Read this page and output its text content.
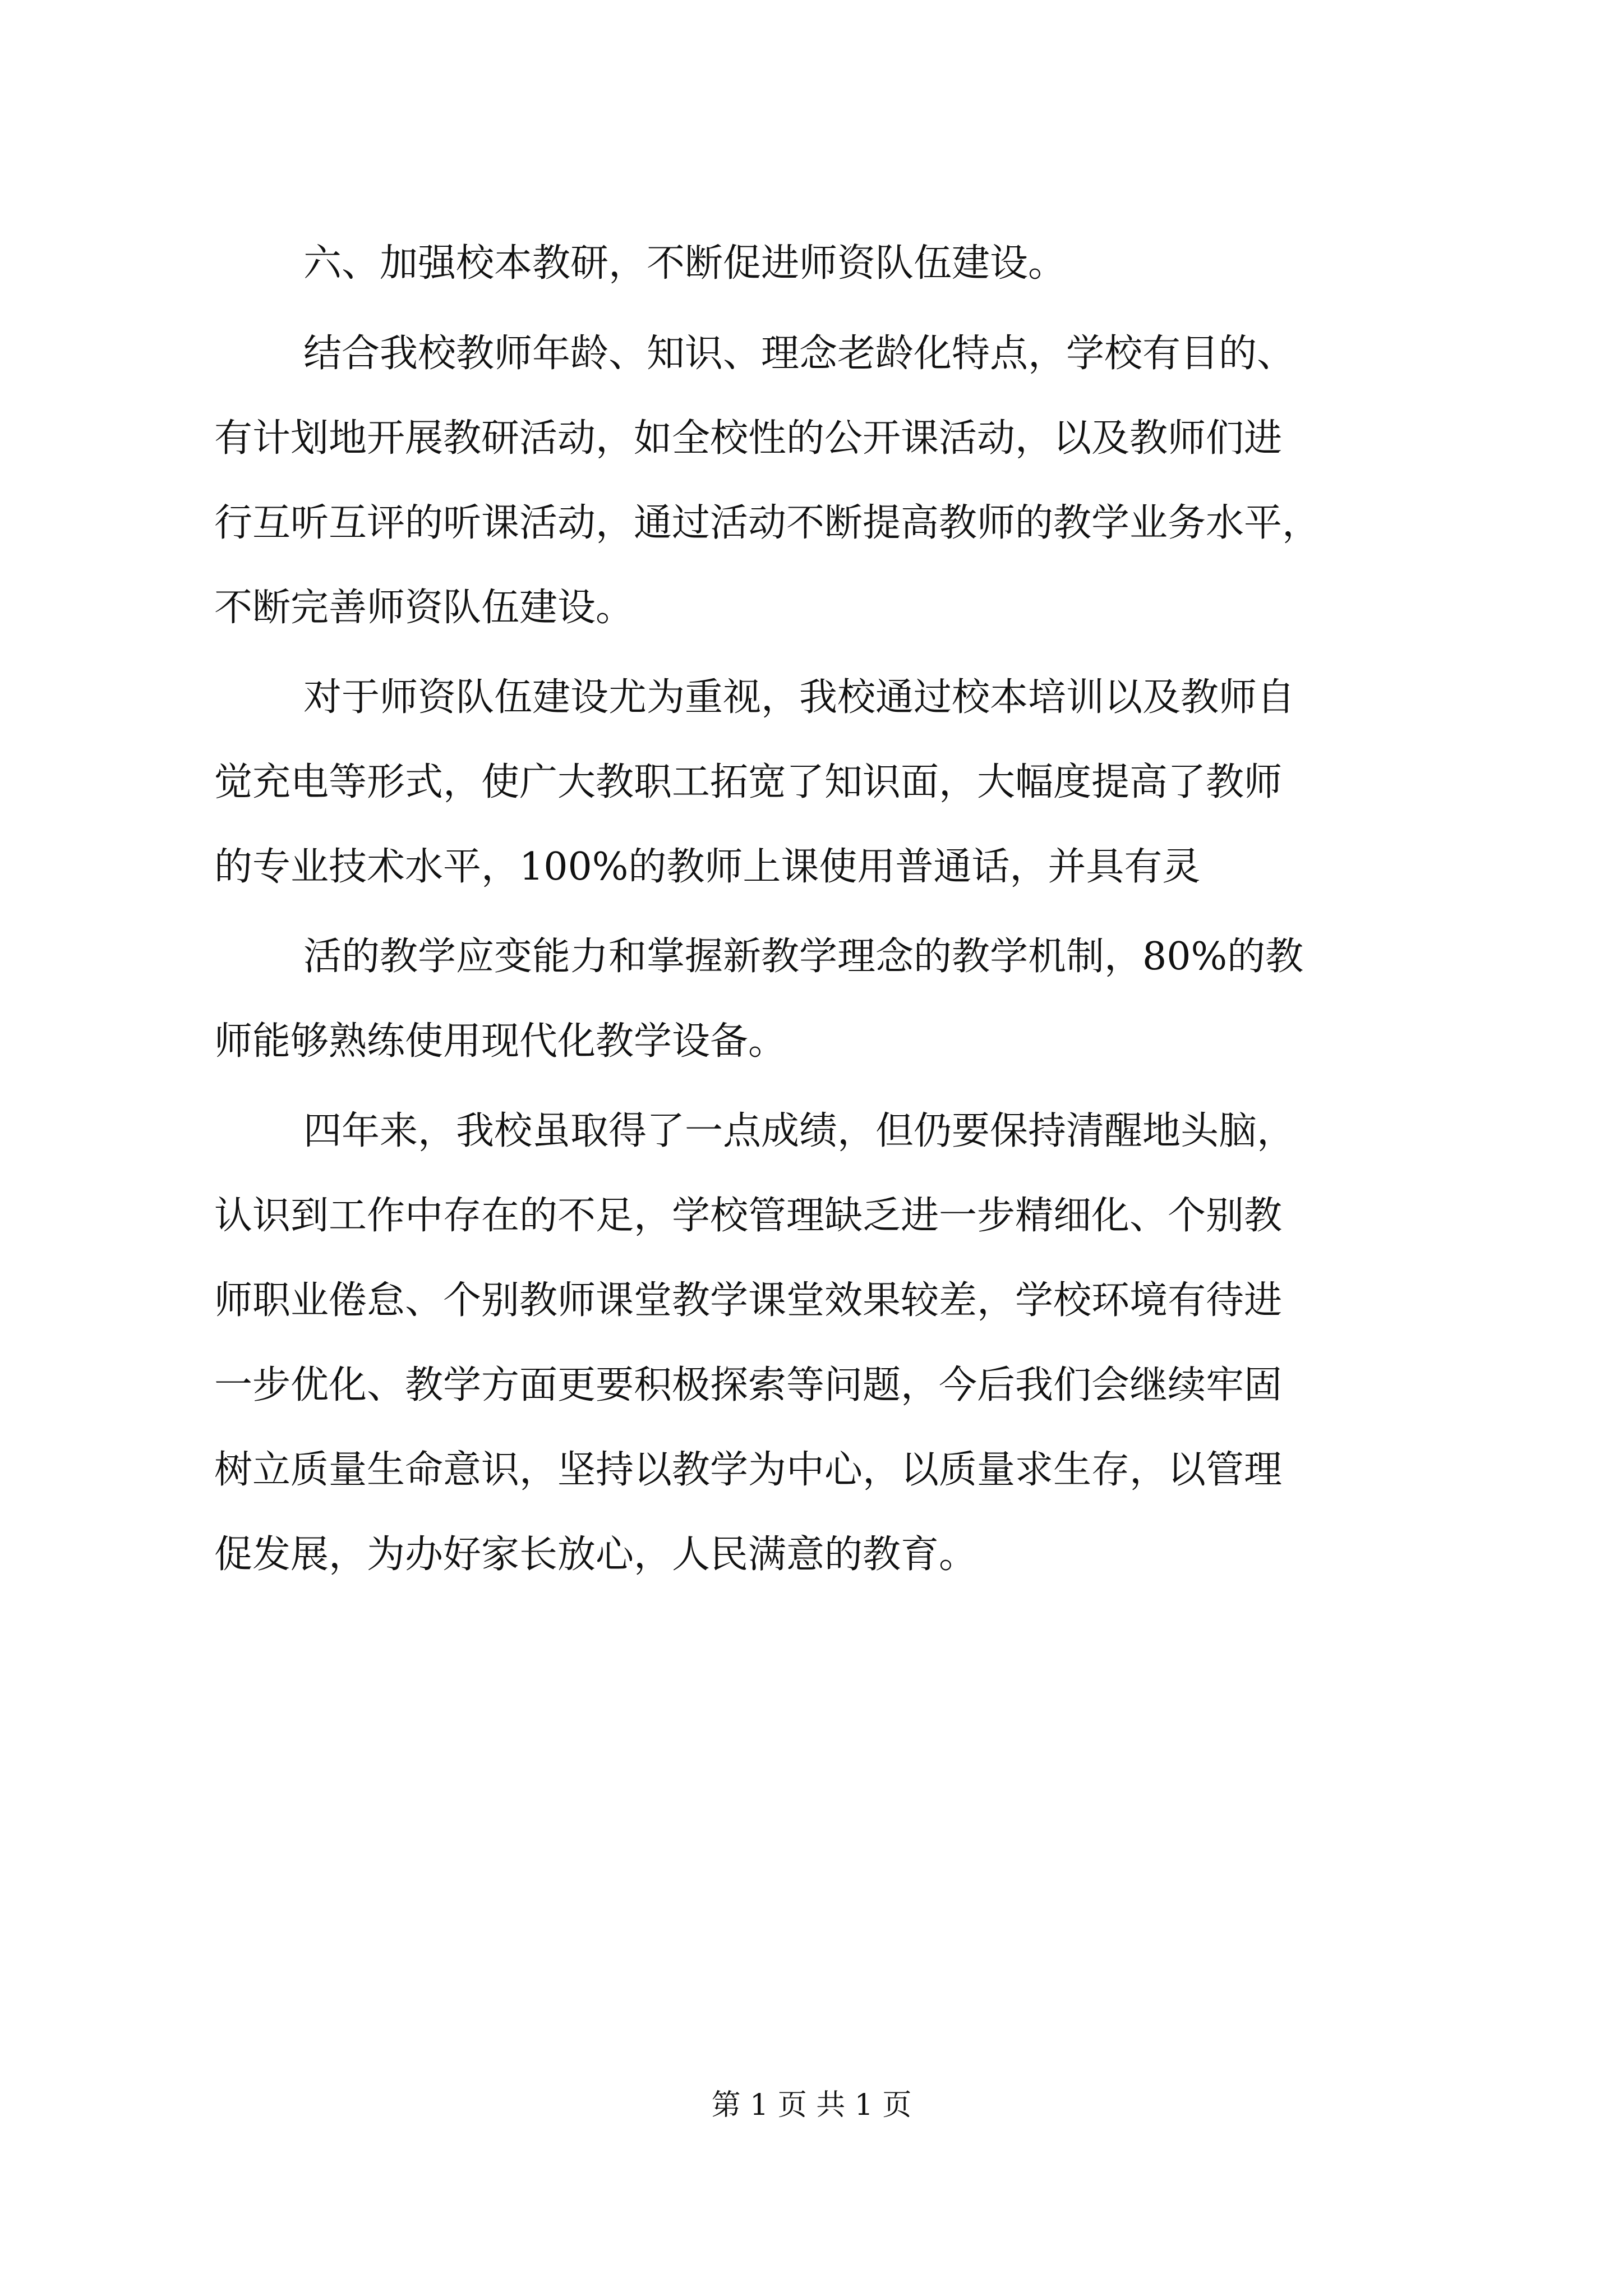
六、加强校本教研，不断促进师资队伍建设。
结合我校教师年龄、知识、理念老龄化特点，学校有目的、
有计划地开展教研活动，如全校性的公开课活动，以及教师们进
行互听互评的听课活动，通过活动不断提高教师的教学业务水平，
不断完善师资队伍建设。
对于师资队伍建设尤为重视，我校通过校本培训以及教师自
觉充电等形式，使广大教职工拓宽了知识面，大幅度提高了教师
的专业技术水平，100%的教师上课使用普通话，并具有灵
活的教学应变能力和掌握新教学理念的教学机制，80%的教
师能够熟练使用现代化教学设备。
四年来，我校虽取得了一点成绩，但仍要保持清醒地头脑，
认识到工作中存在的不足，学校管理缺乏进一步精细化、个别教
师职业倦怠、个别教师课堂教学课堂效果较差，学校环境有待进
一步优化、教学方面更要积极探索等问题，今后我们会继续牢固
树立质量生命意识，坚持以教学为中心，以质量求生存，以管理
促发展，为办好家长放心，人民满意的教育。
第 1 页 共 1 页
